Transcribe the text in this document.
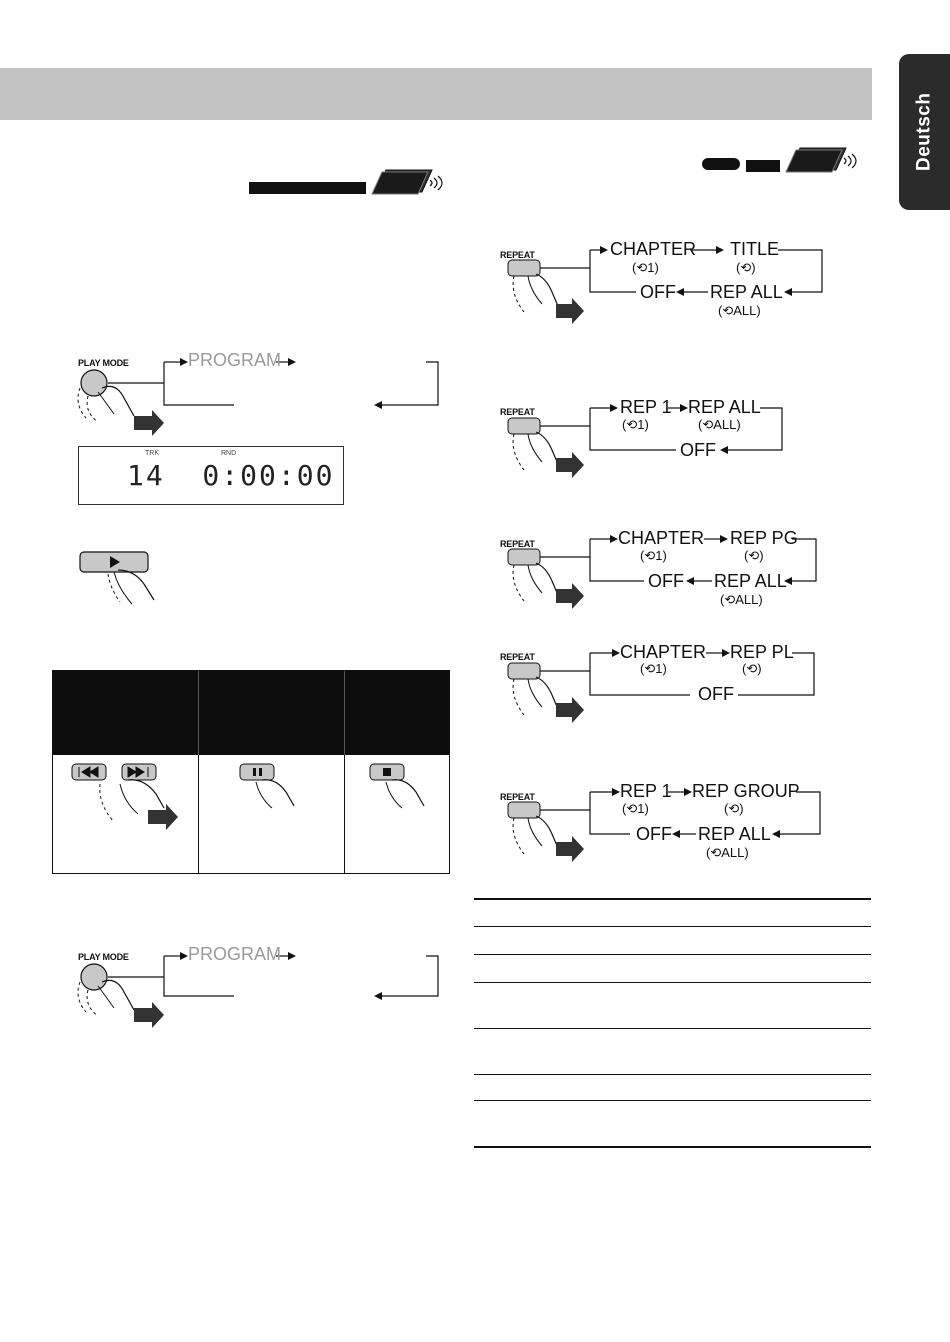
Deutsch
PLAY MODE	PROGRAM
TRK	RND
14  0:00:00
PLAY MODE	PROGRAM
REPEAT	CHAPTER
(⟲1)
TITLE
(⟲)
OFF REP ALL
(⟲ALL)
REPEAT	REP 1
(⟲1)
REP ALL
(⟲ALL)
OFF
REPEAT	CHAPTER
(⟲1)
REP PG
(⟲)
OFF REP ALL
(⟲ALL)
REPEAT	CHAPTER
(⟲1)
REP PL
(⟲)
OFF
REPEAT	REP 1
(⟲1)
REP GROUP
(⟲)
OFF REP ALL
(⟲ALL)
